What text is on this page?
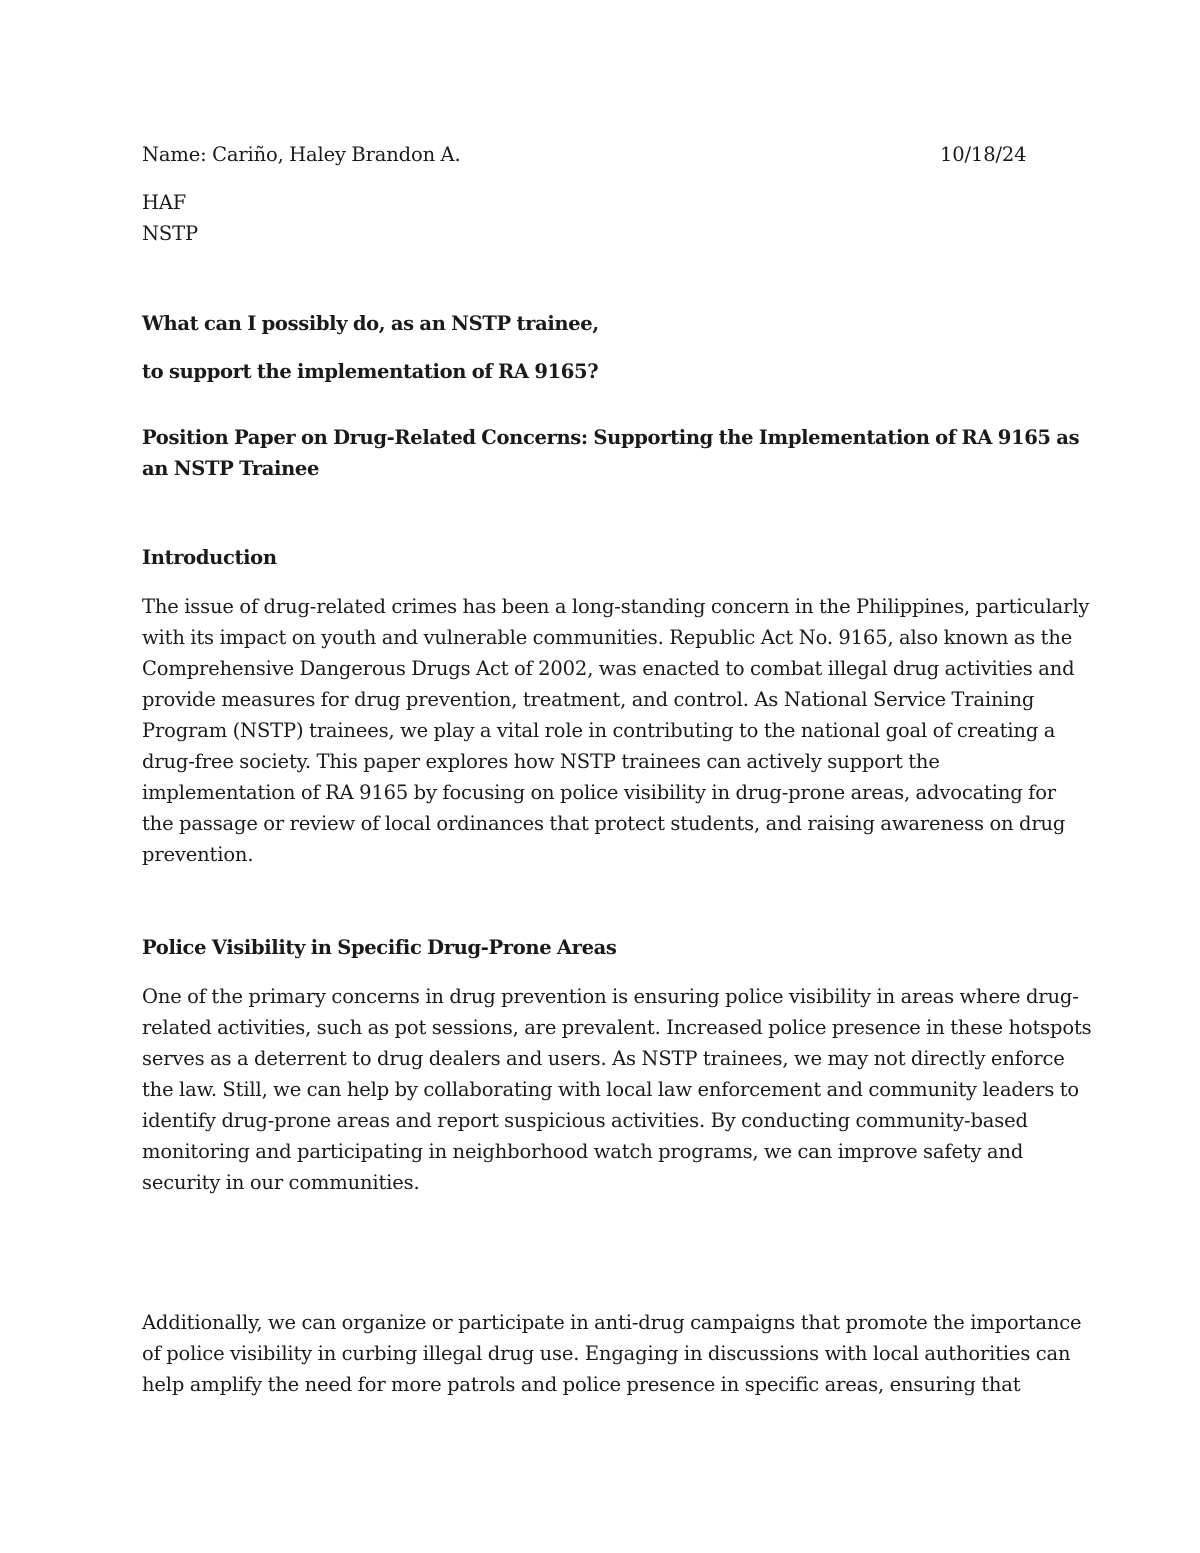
Name: Cariño, Haley Brandon A.	10/18/24

HAF
NSTP

What can I possibly do, as an NSTP trainee,

to support the implementation of RA 9165?

Position Paper on Drug-Related Concerns: Supporting the Implementation of RA 9165 as
an NSTP Trainee

Introduction

The issue of drug-related crimes has been a long-standing concern in the Philippines, particularly
with its impact on youth and vulnerable communities. Republic Act No. 9165, also known as the
Comprehensive Dangerous Drugs Act of 2002, was enacted to combat illegal drug activities and
provide measures for drug prevention, treatment, and control. As National Service Training
Program (NSTP) trainees, we play a vital role in contributing to the national goal of creating a
drug-free society. This paper explores how NSTP trainees can actively support the
implementation of RA 9165 by focusing on police visibility in drug-prone areas, advocating for
the passage or review of local ordinances that protect students, and raising awareness on drug
prevention.

Police Visibility in Specific Drug-Prone Areas

One of the primary concerns in drug prevention is ensuring police visibility in areas where drug-
related activities, such as pot sessions, are prevalent. Increased police presence in these hotspots
serves as a deterrent to drug dealers and users. As NSTP trainees, we may not directly enforce
the law. Still, we can help by collaborating with local law enforcement and community leaders to
identify drug-prone areas and report suspicious activities. By conducting community-based
monitoring and participating in neighborhood watch programs, we can improve safety and
security in our communities.
Additionally, we can organize or participate in anti-drug campaigns that promote the importance
of police visibility in curbing illegal drug use. Engaging in discussions with local authorities can
help amplify the need for more patrols and police presence in specific areas, ensuring that
